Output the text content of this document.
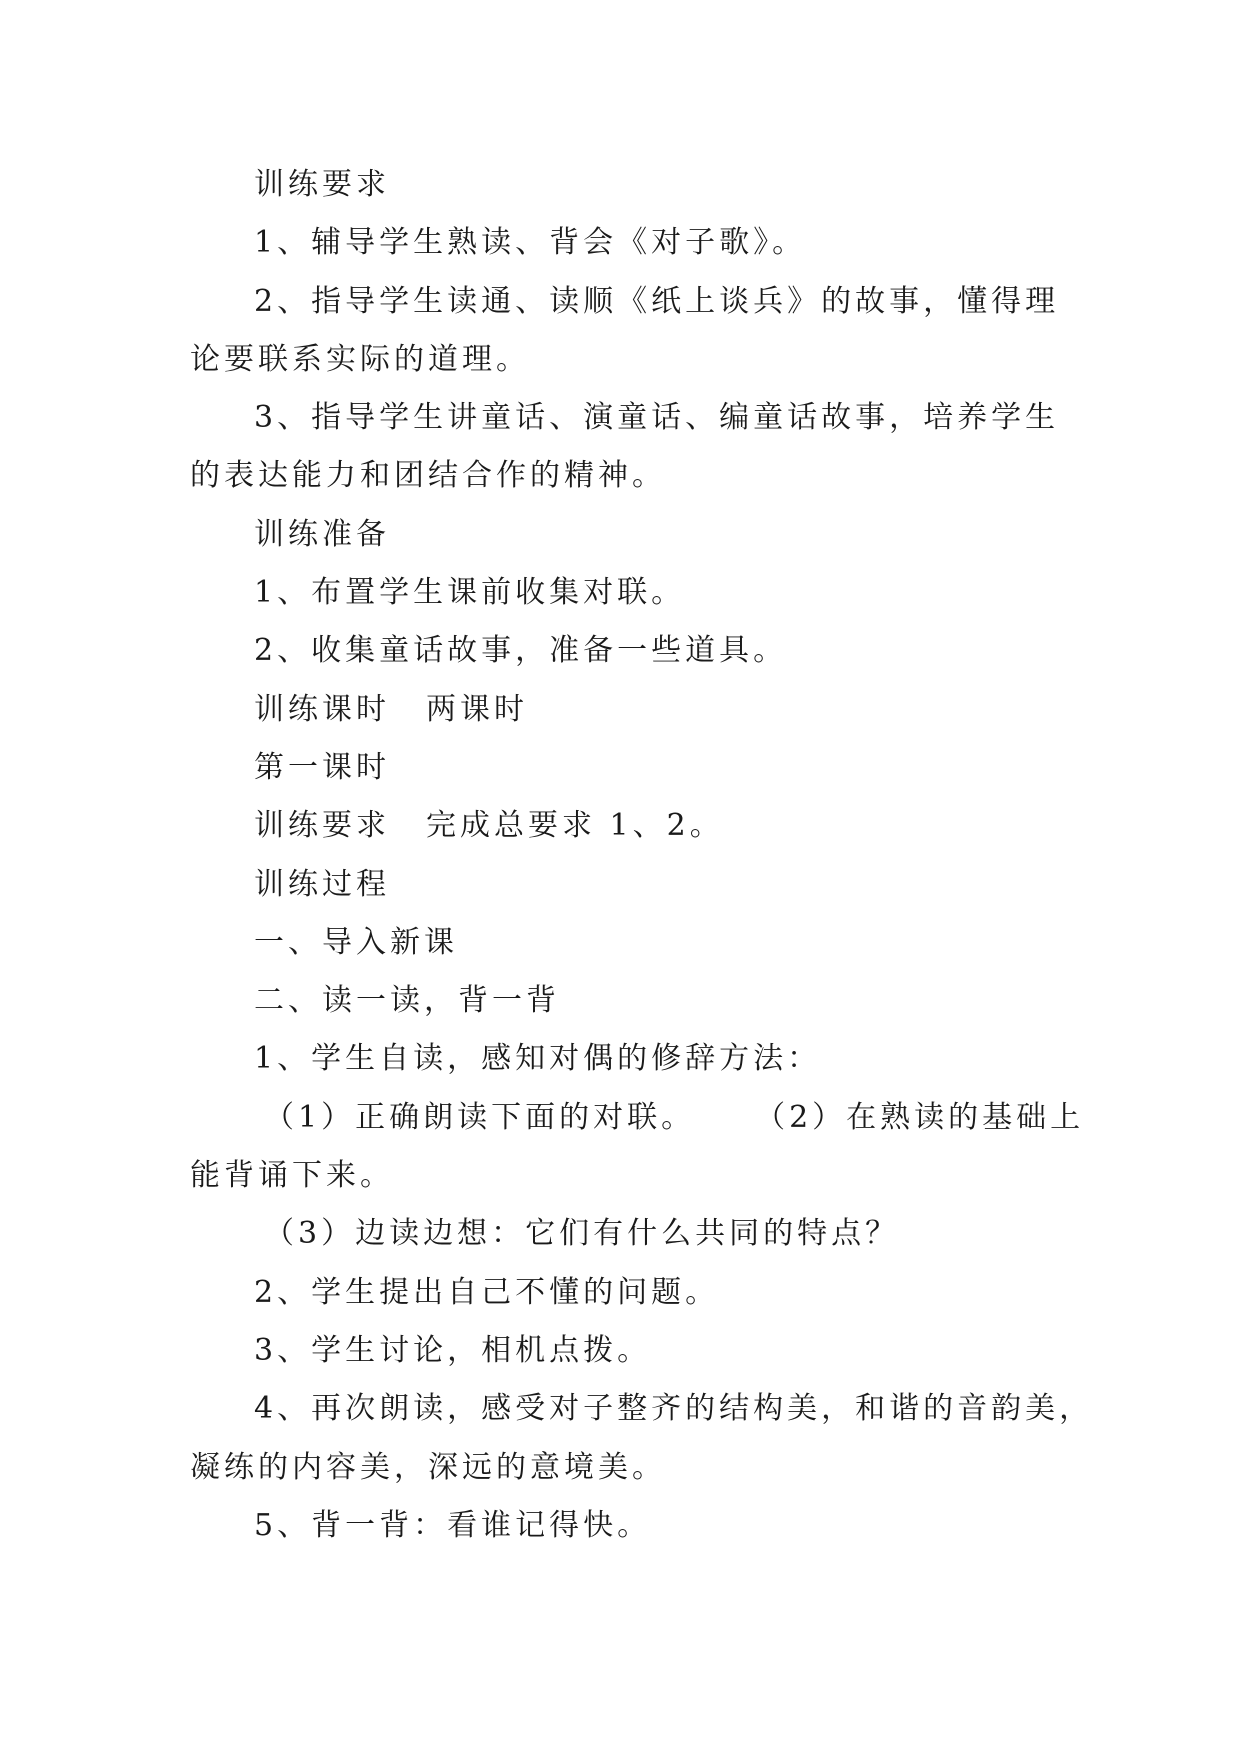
训练要求

1、辅导学生熟读、背会《对子歌》。

2、指导学生读通、读顺《纸上谈兵》的故事，懂得理

论要联系实际的道理。

3、指导学生讲童话、演童话、编童话故事，培养学生

的表达能力和团结合作的精神。

训练准备

1、布置学生课前收集对联。

2、收集童话故事，准备一些道具。

训练课时 两课时

第一课时

训练要求 完成总要求 1、2。

训练过程

一、导入新课

二、读一读，背一背

1、学生自读，感知对偶的修辞方法：

（1）正确朗读下面的对联。 （2）在熟读的基础上

能背诵下来。

（3）边读边想：它们有什么共同的特点？

2、学生提出自己不懂的问题。

3、学生讨论，相机点拨。

4、再次朗读，感受对子整齐的结构美，和谐的音韵美，

凝练的内容美，深远的意境美。

5、背一背：看谁记得快。
